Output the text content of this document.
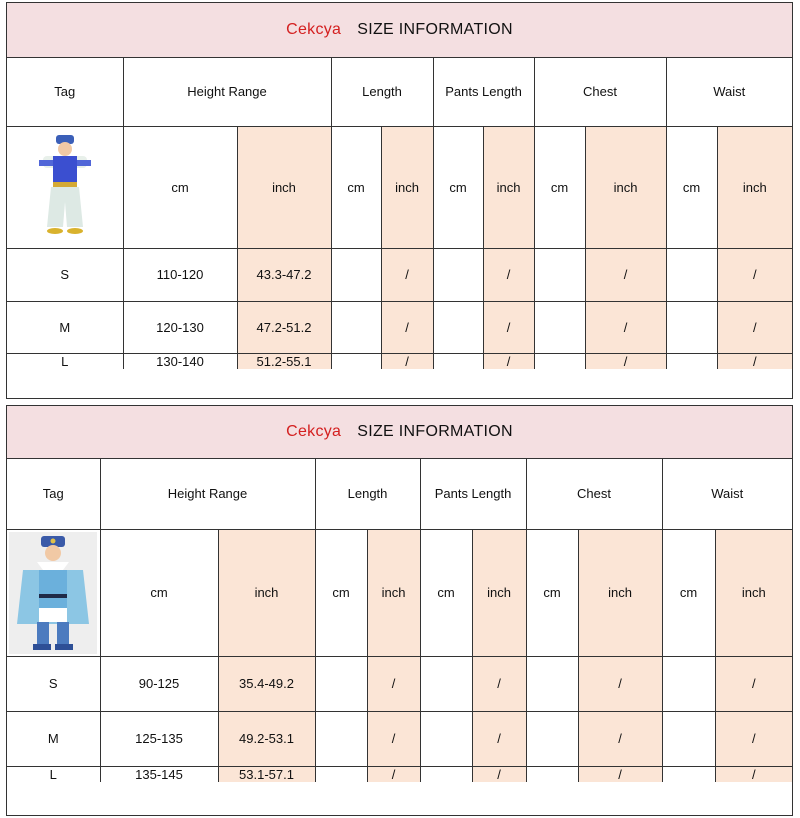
Cekcya SIZE INFORMATION
Tag	Height Range		Length		Pants Length		Chest		Waist	

	cm	inch	cm	inch	cm	inch	cm	inch	cm	inch
S	110-120	43.3-47.2		/		/		/		/
M	120-130	47.2-51.2		/		/		/		/
L	130-140	51.2-55.1		/		/		/		/
Cekcya SIZE INFORMATION
Tag	Height Range		Length		Pants Length		Chest		Waist	

	cm	inch	cm	inch	cm	inch	cm	inch	cm	inch
S	90-125	35.4-49.2		/		/		/		/
M	125-135	49.2-53.1		/		/		/		/
L	135-145	53.1-57.1		/		/		/		/
